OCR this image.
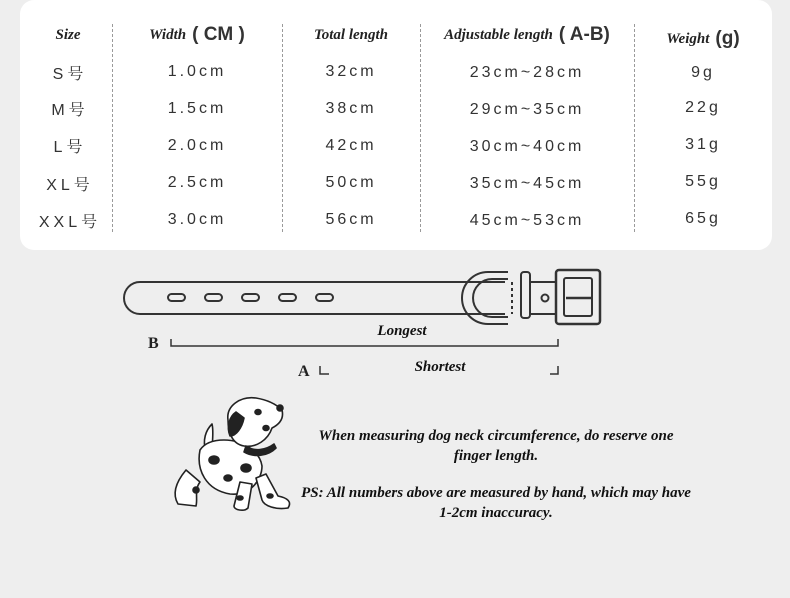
Size	Width ( CM )	Total length	Adjustable length ( A-B)	Weight (g)
S号	1.0cm	32cm	23cm~28cm	9g
M号	1.5cm	38cm	29cm~35cm	22g
L号	2.0cm	42cm	30cm~40cm	31g
XL号	2.5cm	50cm	35cm~45cm	55g
XXL号	3.0cm	56cm	45cm~53cm	65g
B
Longest
A	Shortest
When measuring dog neck circumference, do reserve one finger length.
PS: All numbers above are measured by hand, which may have 1-2cm inaccuracy.
